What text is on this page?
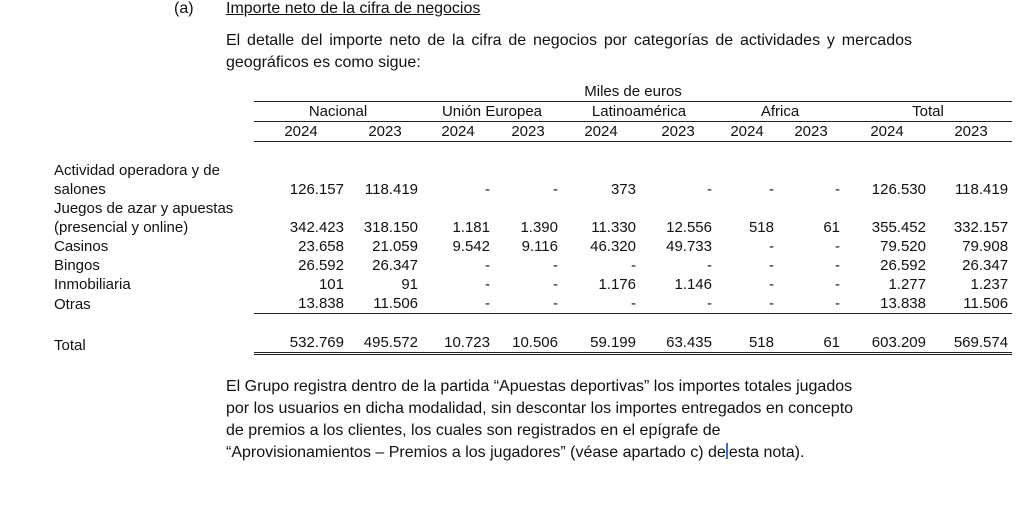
(a) Importe neto de la cifra de negocios
El detalle del importe neto de la cifra de negocios por categorías de actividades y mercados geográficos es como sigue:
	Miles de euros									
	Nacional		Unión Europea		Latinoamérica		Africa		Total	
	2024	2023	2024	2023	2024	2023	2024	2023	2024	2023

Actividad operadora y de										
salones	126.157	118.419	-	-	373	-	-	-	126.530	118.419
Juegos de azar y apuestas										
(presencial y online)	342.423	318.150	1.181	1.390	11.330	12.556	518	61	355.452	332.157
Casinos	23.658	21.059	9.542	9.116	46.320	49.733	-	-	79.520	79.908
Bingos	26.592	26.347	-	-	-	-	-	-	26.592	26.347
Inmobiliaria	101	91	-	-	1.176	1.146	-	-	1.277	1.237
Otras	13.838	11.506	-	-	-	-	-	-	13.838	11.506

Total	532.769	495.572	10.723	10.506	59.199	63.435	518	61	603.209	569.574
El Grupo registra dentro de la partida “Apuestas deportivas” los importes totales jugados
por los usuarios en dicha modalidad, sin descontar los importes entregados en concepto
de premios a los clientes, los cuales son registrados en el epígrafe de
“Aprovisionamientos – Premios a los jugadores” (véase apartado c) de esta nota).
